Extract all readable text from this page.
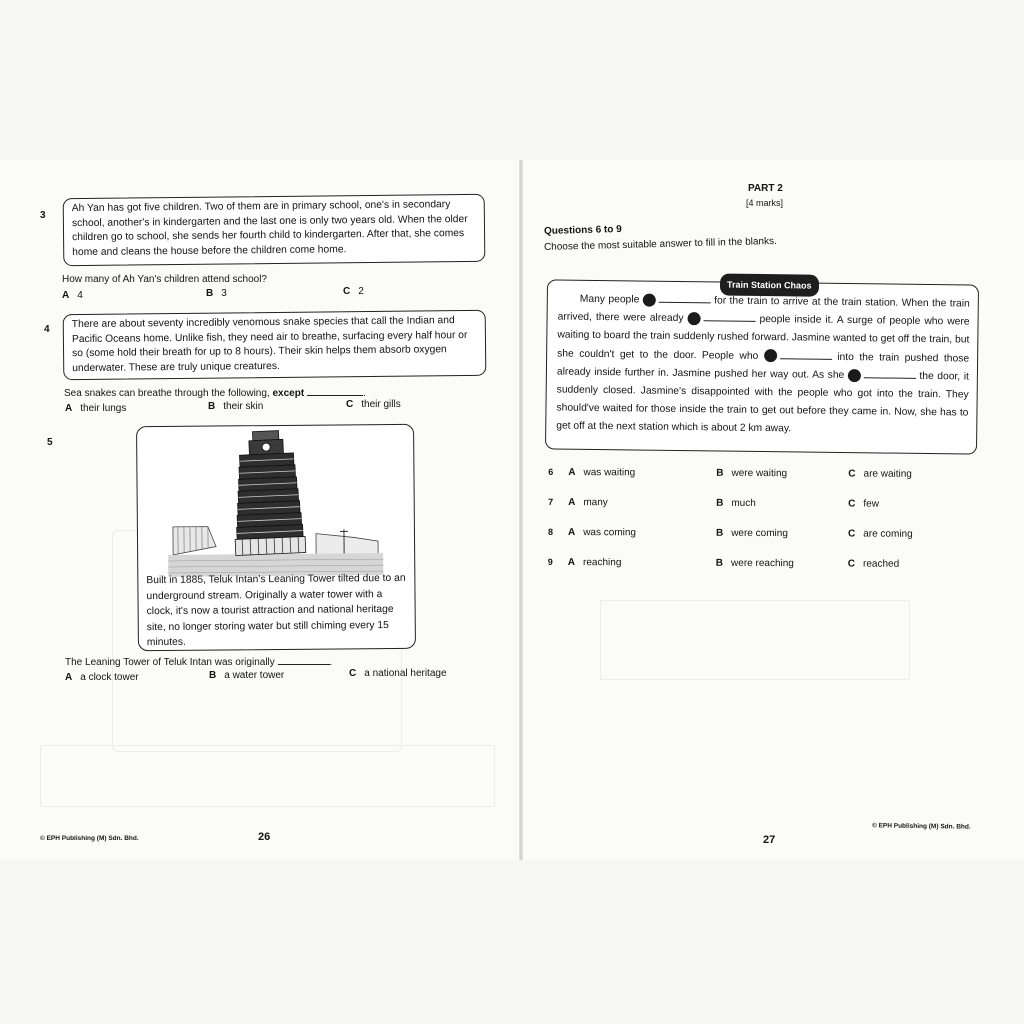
3
Ah Yan has got five children. Two of them are in primary school, one's in secondary school, another's in kindergarten and the last one is only two years old. When the older children go to school, she sends her fourth child to kindergarten. After that, she comes home and cleans the house before the children come home.
How many of Ah Yan's children attend school?
A 4	B 3	C 2
4	There are about seventy incredibly venomous snake species that call the Indian and Pacific Oceans home. Unlike fish, they need air to breathe, surfacing every half hour or so (some hold their breath for up to 8 hours). Their skin helps them absorb oxygen underwater. These are truly unique creatures.
Sea snakes can breathe through the following, except	.
A their lungs	B their skin	C their gills
5
Built in 1885, Teluk Intan's Leaning Tower tilted due to an underground stream. Originally a water tower with a clock, it's now a tourist attraction and national heritage site, no longer storing water but still chiming every 15 minutes.
The Leaning Tower of Teluk Intan was originally	.
A a clock tower	B a water tower	C a national heritage
© EPH Publishing (M) Sdn. Bhd.	26
PART 2
[4 marks]
Questions 6 to 9
Choose the most suitable answer to fill in the blanks.
Train Station Chaos
Many people	6	for the train to arrive at the train station. When the train arrived, there were already	7	people inside it. A surge of people who were waiting to board the train suddenly rushed forward. Jasmine wanted to get off the train, but she couldn't get to the door. People who	8	into the train pushed those already inside further in. Jasmine pushed her way out. As she	9	the door, it suddenly closed. Jasmine's disappointed with the people who got into the train. They should've waited for those inside the train to get out before they came in. Now, she has to get off at the next station which is about 2 km away.
6 A was waiting	B were waiting	C are waiting
7 A many	B much	C few
8 A was coming	B were coming	C are coming
9 A reaching	B were reaching	C reached
27
© EPH Publishing (M) Sdn. Bhd.
